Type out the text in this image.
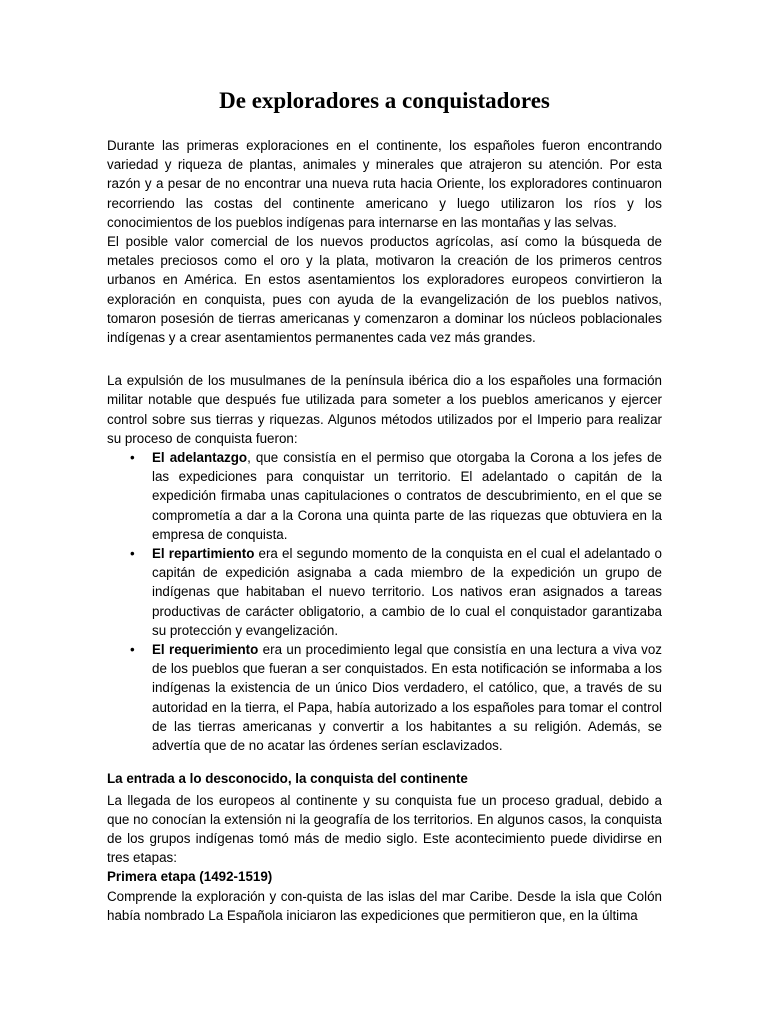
De exploradores a conquistadores

Durante las primeras exploraciones en el continente, los españoles fueron encontrando variedad y riqueza de plantas, animales y minerales que atrajeron su atención. Por esta razón y a pesar de no encontrar una nueva ruta hacia Oriente, los exploradores continuaron recorriendo las costas del continente americano y luego utilizaron los ríos y los conocimientos de los pueblos indígenas para internarse en las montañas y las selvas.

El posible valor comercial de los nuevos productos agrícolas, así como la búsqueda de metales preciosos como el oro y la plata, motivaron la creación de los primeros centros urbanos en América. En estos asentamientos los exploradores europeos convirtieron la exploración en conquista, pues con ayuda de la evangelización de los pueblos nativos, tomaron posesión de tierras americanas y comenzaron a dominar los núcleos poblacionales indígenas y a crear asentamientos permanentes cada vez más grandes.

La expulsión de los musulmanes de la península ibérica dio a los españoles una formación militar notable que después fue utilizada para someter a los pueblos americanos y ejercer control sobre sus tierras y riquezas. Algunos métodos utilizados por el Imperio para realizar su proceso de conquista fueron:

• El adelantazgo, que consistía en el permiso que otorgaba la Corona a los jefes de las expediciones para conquistar un territorio. El adelantado o capitán de la expedición firmaba unas capitulaciones o contratos de descubrimiento, en el que se comprometía a dar a la Corona una quinta parte de las riquezas que obtuviera en la empresa de conquista.
• El repartimiento era el segundo momento de la conquista en el cual el adelantado o capitán de expedición asignaba a cada miembro de la expedición un grupo de indígenas que habitaban el nuevo territorio. Los nativos eran asignados a tareas productivas de carácter obligatorio, a cambio de lo cual el conquistador garantizaba su protección y evangelización.
• El requerimiento era un procedimiento legal que consistía en una lectura a viva voz de los pueblos que fueran a ser conquistados. En esta notificación se informaba a los indígenas la existencia de un único Dios verdadero, el católico, que, a través de su autoridad en la tierra, el Papa, había autorizado a los españoles para tomar el control de las tierras americanas y convertir a los habitantes a su religión. Además, se advertía que de no acatar las órdenes serían esclavizados.
La entrada a lo desconocido, la conquista del continente

La llegada de los europeos al continente y su conquista fue un proceso gradual, debido a que no conocían la extensión ni la geografía de los territorios. En algunos casos, la conquista de los grupos indígenas tomó más de medio siglo. Este acontecimiento puede dividirse en tres etapas:

Primera etapa (1492-1519)

Comprende la exploración y con-quista de las islas del mar Caribe. Desde la isla que Colón había nombrado La Española iniciaron las expediciones que permitieron que, en la última
